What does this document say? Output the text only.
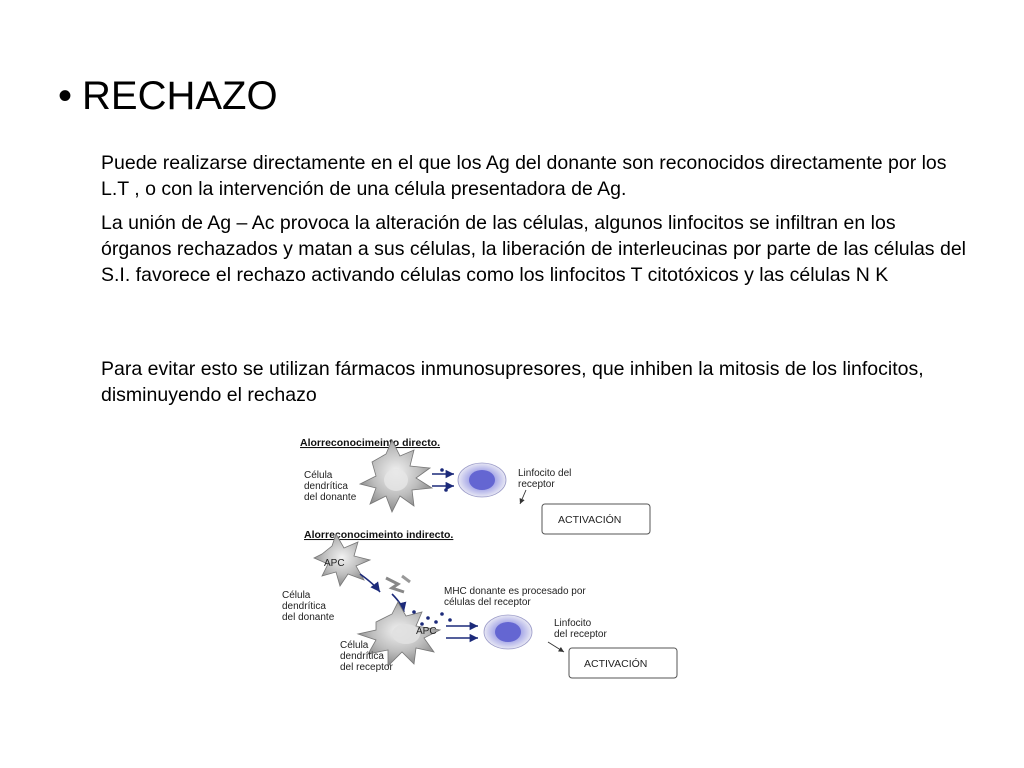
• RECHAZO

Puede realizarse directamente en el que los Ag del donante son reconocidos directamente por los L.T , o con la intervención de una célula presentadora de Ag.

La unión de Ag – Ac provoca la alteración de las células, algunos linfocitos se infiltran en los órganos rechazados y matan a sus células, la liberación de interleucinas por parte de las células del S.I. favorece el rechazo activando células como los linfocitos T citotóxicos y las células N K

Para evitar esto se utilizan fármacos inmunosupresores, que inhiben la mitosis de los linfocitos, disminuyendo el rechazo

Alorreconocimeinto directo.
Célula dendrítica del donante
Linfocito del receptor
ACTIVACIÓN
Alorreconocimeinto indirecto.
APC
Célula dendrítica del donante
MHC donante es procesado por células del receptor
APC
Linfocito del receptor
Célula dendrítica del receptor	ACTIVACIÓN
